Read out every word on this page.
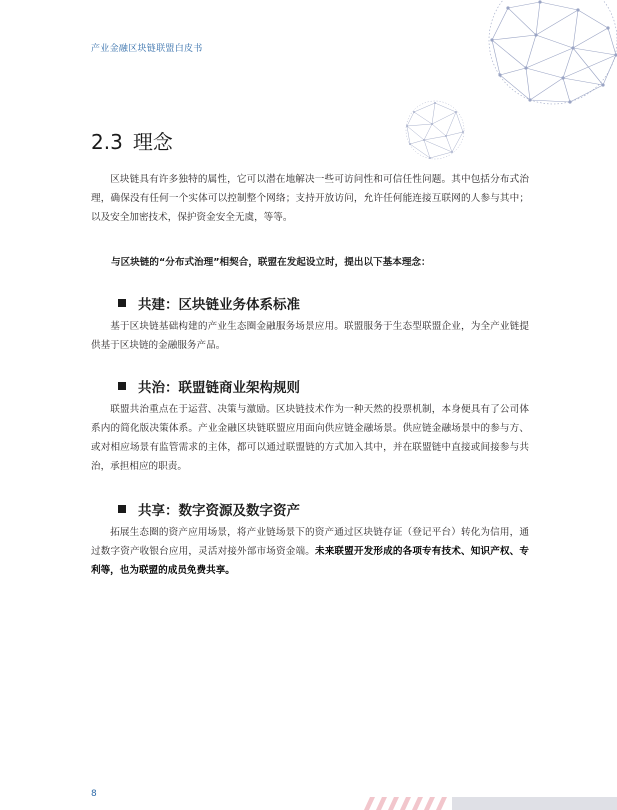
产业金融区块链联盟白皮书
2.3 理念

区块链具有许多独特的属性，它可以潜在地解决一些可访问性和可信任性问题。其中包括分布式治理，确保没有任何一个实体可以控制整个网络；支持开放访问，允许任何能连接互联网的人参与其中；以及安全加密技术，保护资金安全无虞，等等。

与区块链的“分布式治理”相契合，联盟在发起设立时，提出以下基本理念：
共建：区块链业务体系标准

基于区块链基础构建的产业生态圈金融服务场景应用。联盟服务于生态型联盟企业，为全产业链提供基于区块链的金融服务产品。

共治：联盟链商业架构规则

联盟共治重点在于运营、决策与激励。区块链技术作为一种天然的投票机制，本身便具有了公司体系内的简化版决策体系。产业金融区块链联盟应用面向供应链金融场景。供应链金融场景中的参与方、或对相应场景有监管需求的主体，都可以通过联盟链的方式加入其中，并在联盟链中直接或间接参与共治，承担相应的职责。

共享：数字资源及数字资产

拓展生态圈的资产应用场景，将产业链场景下的资产通过区块链存证（登记平台）转化为信用，通过数字资产收银台应用，灵活对接外部市场资金端。未来联盟开发形成的各项专有技术、知识产权、专利等，也为联盟的成员免费共享。

8
